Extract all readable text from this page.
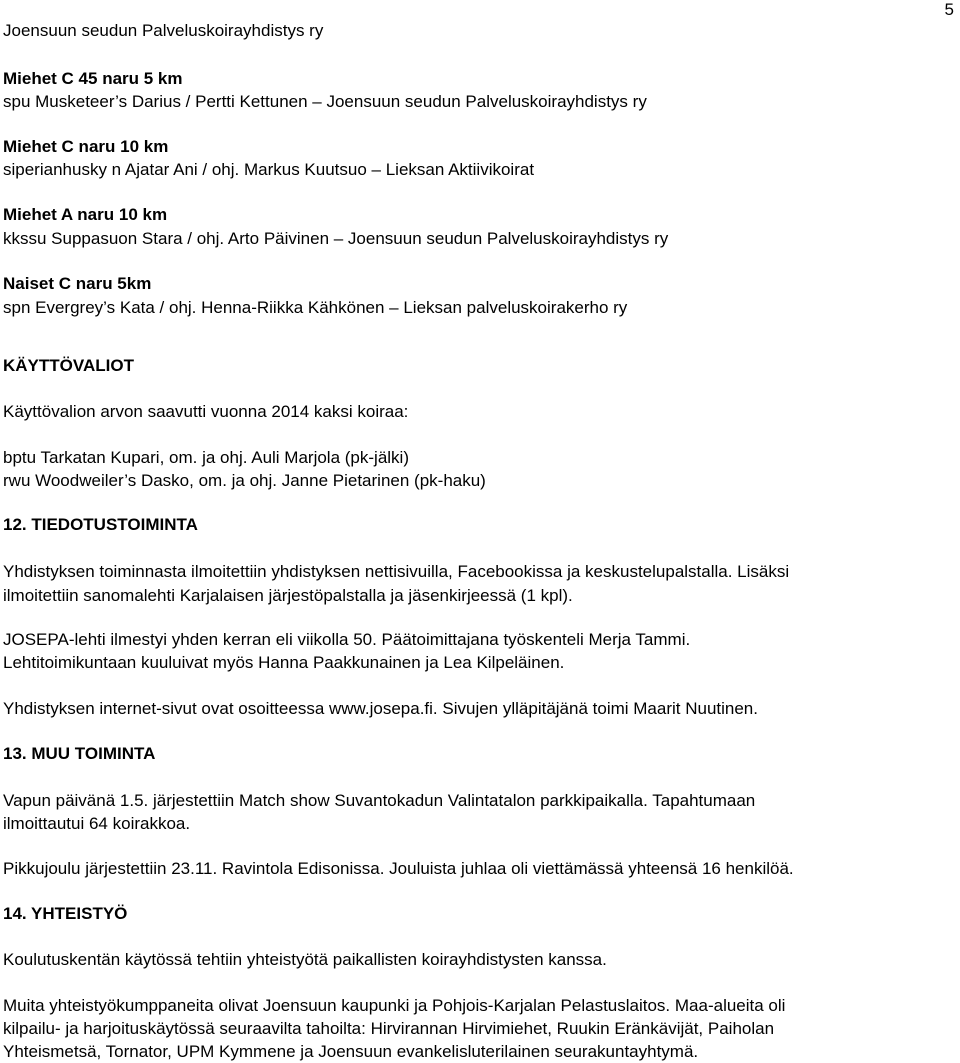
5
Joensuun seudun Palveluskoirayhdistys ry
Miehet C 45 naru 5 km
spu Musketeer’s Darius / Pertti Kettunen – Joensuun seudun Palveluskoirayhdistys ry
Miehet C naru 10 km
siperianhusky n Ajatar Ani / ohj. Markus Kuutsuo – Lieksan Aktiivikoirat
Miehet A naru 10 km
kkssu Suppasuon Stara / ohj. Arto Päivinen – Joensuun seudun Palveluskoirayhdistys ry
Naiset C naru 5km
spn Evergrey’s Kata / ohj. Henna-Riikka Kähkönen – Lieksan palveluskoirakerho ry
KÄYTTÖVALIOT
Käyttövalion arvon saavutti vuonna 2014 kaksi koiraa:
bptu Tarkatan Kupari, om. ja ohj. Auli Marjola (pk-jälki)
rwu Woodweiler’s Dasko, om. ja ohj. Janne Pietarinen (pk-haku)
12. TIEDOTUSTOIMINTA
Yhdistyksen toiminnasta ilmoitettiin yhdistyksen nettisivuilla, Facebookissa ja keskustelupalstalla. Lisäksi
ilmoitettiin sanomalehti Karjalaisen järjestöpalstalla ja jäsenkirjeessä (1 kpl).
JOSEPA-lehti ilmestyi yhden kerran eli viikolla 50. Päätoimittajana työskenteli Merja Tammi.
Lehtitoimikuntaan kuuluivat myös Hanna Paakkunainen ja Lea Kilpeläinen.
Yhdistyksen internet-sivut ovat osoitteessa www.josepa.fi. Sivujen ylläpitäjänä toimi Maarit Nuutinen.
13. MUU TOIMINTA
Vapun päivänä 1.5. järjestettiin Match show Suvantokadun Valintatalon parkkipaikalla. Tapahtumaan
ilmoittautui 64 koirakkoa.
Pikkujoulu järjestettiin 23.11. Ravintola Edisonissa. Jouluista juhlaa oli viettämässä yhteensä 16 henkilöä.
14. YHTEISTYÖ
Koulutuskentän käytössä tehtiin yhteistyötä paikallisten koirayhdistysten kanssa.
Muita yhteistyökumppaneita olivat Joensuun kaupunki ja Pohjois-Karjalan Pelastuslaitos. Maa-alueita oli
kilpailu- ja harjoituskäytössä seuraavilta tahoilta: Hirvirannan Hirvimiehet, Ruukin Eränkävijät, Paiholan
Yhteismetsä, Tornator, UPM Kymmene ja Joensuun evankelisluterilainen seurakuntayhtymä.
